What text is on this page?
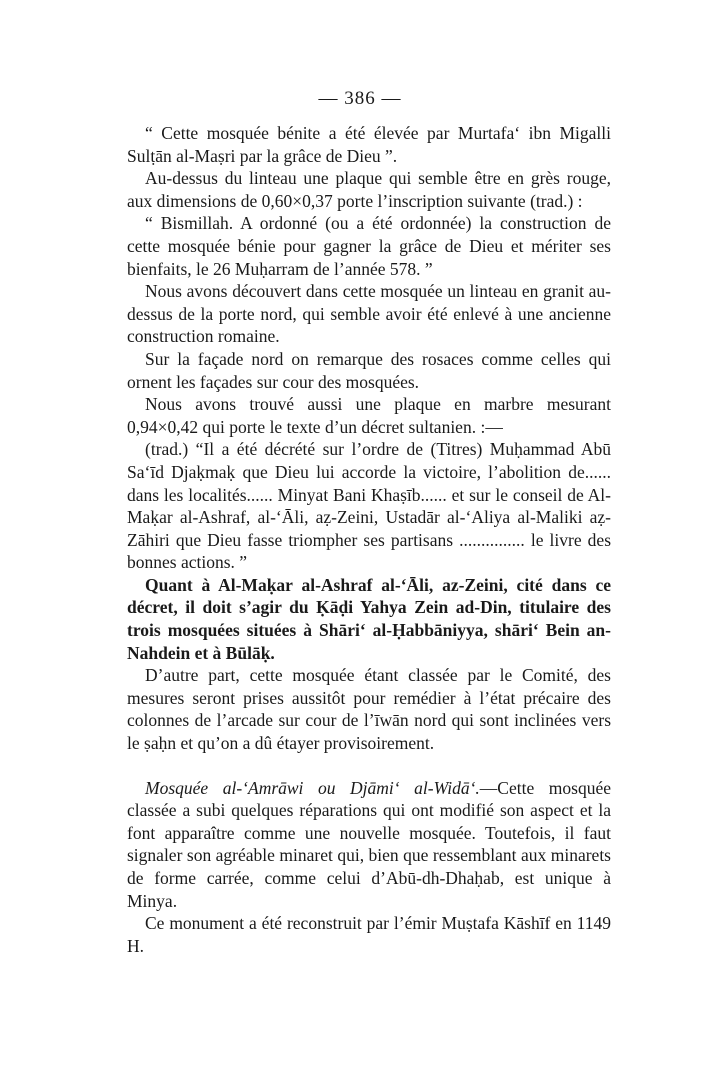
— 386 —

“ Cette mosquée bénite a été élevée par Murtafa‘ ibn Migalli Sulṭān al-Maṣri par la grâce de Dieu ”.

Au-dessus du linteau une plaque qui semble être en grès rouge, aux dimensions de 0,60×0,37 porte l’inscription suivante (trad.) :

“ Bismillah. A ordonné (ou a été ordonnée) la construction de cette mosquée bénie pour gagner la grâce de Dieu et mériter ses bienfaits, le 26 Muḥarram de l’année 578. ”

Nous avons découvert dans cette mosquée un linteau en granit au-dessus de la porte nord, qui semble avoir été enlevé à une ancienne construction romaine.

Sur la façade nord on remarque des rosaces comme celles qui ornent les façades sur cour des mosquées.

Nous avons trouvé aussi une plaque en marbre mesurant 0,94×0,42 qui porte le texte d’un décret sultanien. :—

(trad.) “Il a été décrété sur l’ordre de (Titres) Muḥammad Abū Sa‘īd Djaḳmaḳ que Dieu lui accorde la victoire, l’abolition de...... dans les localités...... Minyat Bani Khaṣīb...... et sur le conseil de Al-Maḳar al-Ashraf, al-‘Āli, aẓ-Zeini, Ustadār al-‘Aliya al-Maliki aẓ-Zāhiri que Dieu fasse triompher ses partisans ............... le livre des bonnes actions. ”

Quant à Al-Maḳar al-Ashraf al-‘Āli, az-Zeini, cité dans ce décret, il doit s’agir du Ḳāḍi Yahya Zein ad-Din, titulaire des trois mosquées situées à Shāri‘ al-Ḥabbāniyya, shāri‘ Bein an-Nahdein et à Būlāḳ.

D’autre part, cette mosquée étant classée par le Comité, des mesures seront prises aussitôt pour remédier à l’état précaire des colonnes de l’arcade sur cour de l’īwān nord qui sont inclinées vers le ṣaḥn et qu’on a dû étayer provisoirement.

Mosquée al-‘Amrāwi ou Djāmi‘ al-Widā‘.—Cette mosquée classée a subi quelques réparations qui ont modifié son aspect et la font apparaître comme une nouvelle mosquée. Toutefois, il faut signaler son agréable minaret qui, bien que ressemblant aux minarets de forme carrée, comme celui d’Abū-dh-Dhaḥab, est unique à Minya.

Ce monument a été reconstruit par l’émir Muṣtafa Kāshīf en 1149 H.
